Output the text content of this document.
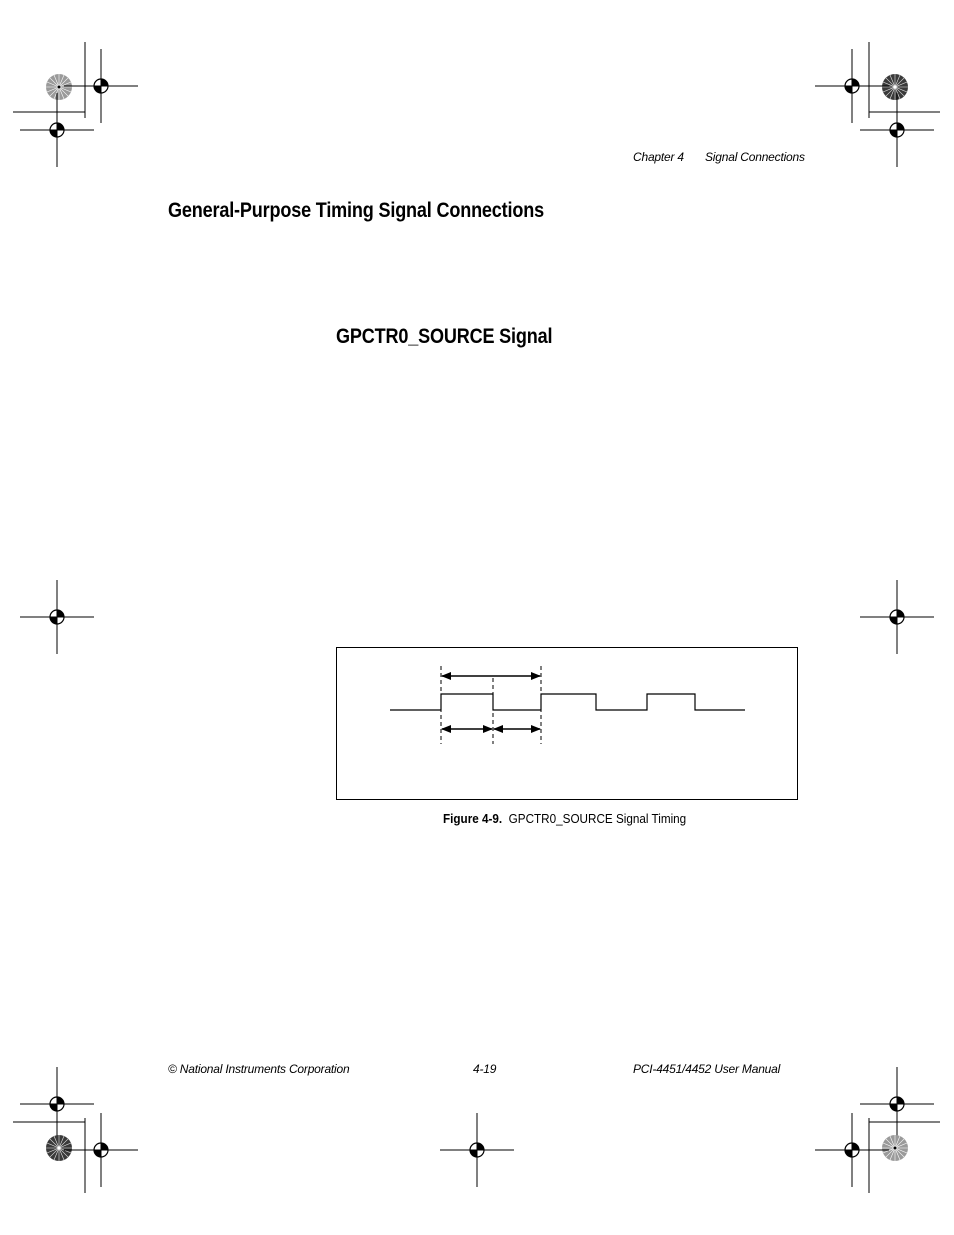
Chapter 4 Signal Connections
General-Purpose Timing Signal Connections
GPCTR0_SOURCE Signal
Figure 4-9. GPCTR0_SOURCE Signal Timing
© National Instruments Corporation	4-19	PCI-4451/4452 User Manual
